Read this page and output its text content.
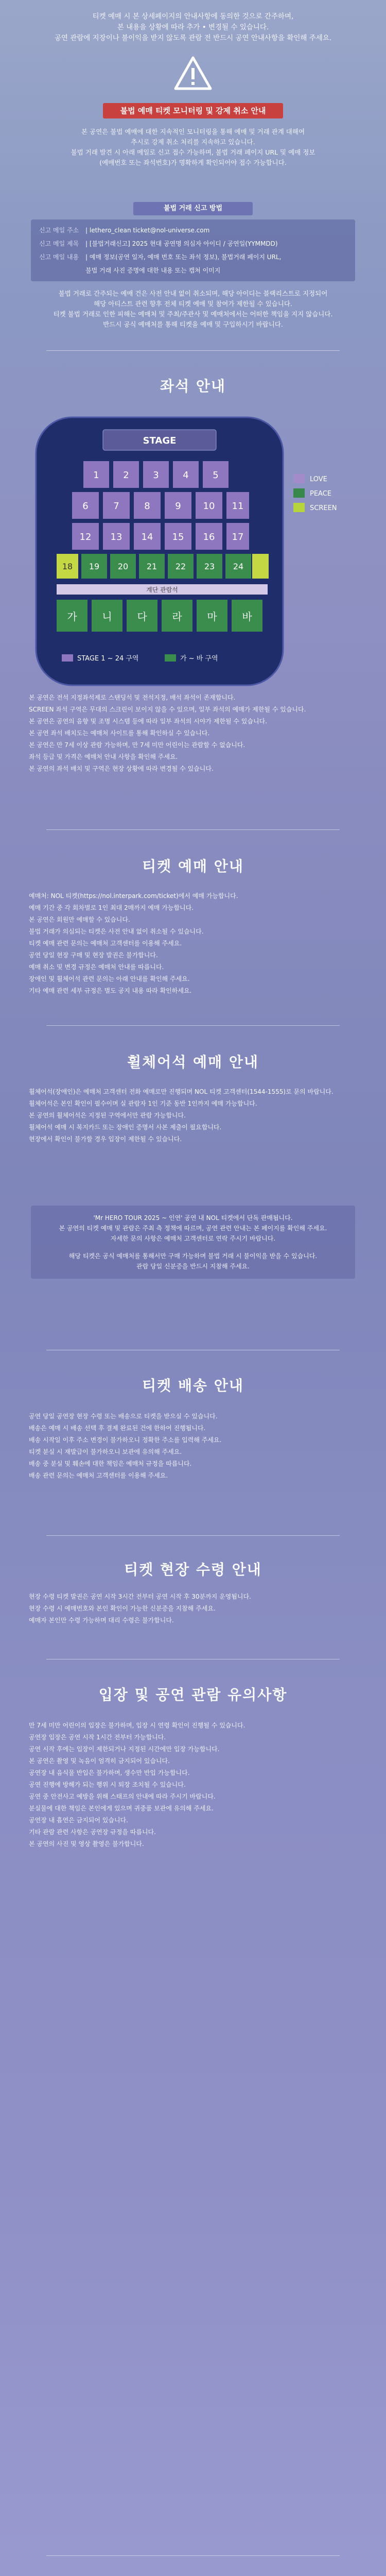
티켓 예매 시 본 상세페이지의 안내사항에 동의한 것으로 간주하며,
본 내용을 상황에 따라 추가 • 변경될 수 있습니다.
공연 관람에 지장이나 불이익을 받지 않도록 관람 전 반드시 공연 안내사항을 확인해 주세요.
불법 예매 티켓 모니터링 및 강제 취소 안내
본 공연은 불법 예매에 대한 지속적인 모니터링을 통해 예매 및 거래 관계 대해여
추시로 강제 취소 처리를 지속하고 있습니다.
불법 거래 발견 시 아래 메일로 신고 접수 가능하며, 불법 거래 페이지 URL 및 예매 정보
(예매번호 또는 좌석번호)가 명확하게 확인되어야 접수 가능합니다.
불법 거래 신고 방법
신고 메일 주소	| lethero_clean ticket@nol-universe.com
신고 메일 제목	| [불법거래신고] 2025 현대 공연명 의심자 아이디 / 공연일(YYMMDD)
신고 메일 내용	| 예매 정보(공연 일자, 예매 번호 또는 좌석 정보), 불법거래 페이지 URL,
불법 거래 사진 증명에 대한 내용 또는 캡쳐 이미지
불법 거래로 간주되는 예매 건은 사전 안내 없이 취소되며, 해당 아이디는 블랙리스트로 지정되어
해당 아티스트 관련 향후 전체 티켓 예매 및 참여가 제한될 수 있습니다.
티켓 불법 거래로 인한 피해는 예매처 및 주최/주관사 및 예매처에서는 어떠한 책임을 지지 않습니다.
반드시 공식 예매처를 통해 티켓을 예매 및 구입하시기 바랍니다.
좌석 안내
STAGE
1	2	3	4	5
6	7	8	9 10 11
12 13 14 15 16 17
18 19 20 21 22 23 24
계단 관람석
가 니 다 라 마 바
LOVE
PEACE
SCREEN
STAGE 1 ~ 24 구역	가 ~ 바 구역

본 공연은 전석 지정좌석제로 스탠딩석 및 전석지정, 배석 좌석이 존재합니다.

SCREEN 좌석 구역은 무대의 스크린이 보이지 않을 수 있으며, 일부 좌석의 예매가 제한될 수 있습니다.

본 공연은 공연의 음향 및 조명 시스템 등에 따라 일부 좌석의 시야가 제한될 수 있습니다.

본 공연 좌석 배치도는 예매처 사이트를 통해 확인하실 수 있습니다.

본 공연은 만 7세 이상 관람 가능하며, 만 7세 미만 어린이는 관람할 수 없습니다.

좌석 등급 및 가격은 예매처 안내 사항을 확인해 주세요.

본 공연의 좌석 배치 및 구역은 현장 상황에 따라 변경될 수 있습니다.

티켓 예매 안내

예매처: NOL 티켓(https://nol.interpark.com/ticket)에서 예매 가능합니다.

예매 기간 중 각 회차별로 1인 최대 2매까지 예매 가능합니다.

본 공연은 회원만 예매할 수 있습니다.

불법 거래가 의심되는 티켓은 사전 안내 없이 취소될 수 있습니다.

티켓 예매 관련 문의는 예매처 고객센터를 이용해 주세요.

공연 당일 현장 구매 및 현장 발권은 불가합니다.

예매 취소 및 변경 규정은 예매처 안내를 따릅니다.

장애인 및 휠체어석 관련 문의는 아래 안내를 확인해 주세요.

기타 예매 관련 세부 규정은 별도 공지 내용 따라 확인하세요.

휠체어석 예매 안내

휠체어석(장애인)은 예매처 고객센터 전화 예매로만 진행되며 NOL 티켓 고객센터(1544-1555)로 문의 바랍니다.

휠체어석은 본인 확인이 필수이며 실 관람자 1인 기준 동반 1인까지 예매 가능합니다.

본 공연의 휠체어석은 지정된 구역에서만 관람 가능합니다.

휠체어석 예매 시 복지카드 또는 장애인 증명서 사본 제출이 필요합니다.

현장에서 확인이 불가할 경우 입장이 제한될 수 있습니다.

'Mr HERO TOUR 2025 ~ 인연' 공연 내 NOL 티켓에서 단독 판매됩니다.
본 공연의 티켓 예매 및 관람은 주최 측 정책에 따르며, 공연 관련 안내는 본 페이지를 확인해 주세요.
자세한 문의 사항은 예매처 고객센터로 연락 주시기 바랍니다.
해당 티켓은 공식 예매처를 통해서만 구매 가능하며 불법 거래 시 불이익을 받을 수 있습니다.
관람 당일 신분증을 반드시 지참해 주세요.
티켓 배송 안내

공연 당일 공연장 현장 수령 또는 배송으로 티켓을 받으실 수 있습니다.

배송은 예매 시 배송 선택 후 결제 완료된 건에 한하여 진행됩니다.

배송 시작일 이후 주소 변경이 불가하오니 정확한 주소를 입력해 주세요.

티켓 분실 시 재발급이 불가하오니 보관에 유의해 주세요.

배송 중 분실 및 훼손에 대한 책임은 예매처 규정을 따릅니다.

배송 관련 문의는 예매처 고객센터를 이용해 주세요.

티켓 현장 수령 안내

현장 수령 티켓 발권은 공연 시작 3시간 전부터 공연 시작 후 30분까지 운영됩니다.

현장 수령 시 예매번호와 본인 확인이 가능한 신분증을 지참해 주세요.

예매자 본인만 수령 가능하며 대리 수령은 불가합니다.

입장 및 공연 관람 유의사항

만 7세 미만 어린이의 입장은 불가하며, 입장 시 연령 확인이 진행될 수 있습니다.

공연장 입장은 공연 시작 1시간 전부터 가능합니다.

공연 시작 후에는 입장이 제한되거나 지정된 시간에만 입장 가능합니다.

본 공연은 촬영 및 녹음이 엄격히 금지되어 있습니다.

공연장 내 음식물 반입은 불가하며, 생수만 반입 가능합니다.

공연 진행에 방해가 되는 행위 시 퇴장 조치될 수 있습니다.

공연 중 안전사고 예방을 위해 스태프의 안내에 따라 주시기 바랍니다.

분실물에 대한 책임은 본인에게 있으며 귀중품 보관에 유의해 주세요.

공연장 내 흡연은 금지되어 있습니다.

기타 관람 관련 사항은 공연장 규정을 따릅니다.

본 공연의 사진 및 영상 촬영은 불가합니다.
